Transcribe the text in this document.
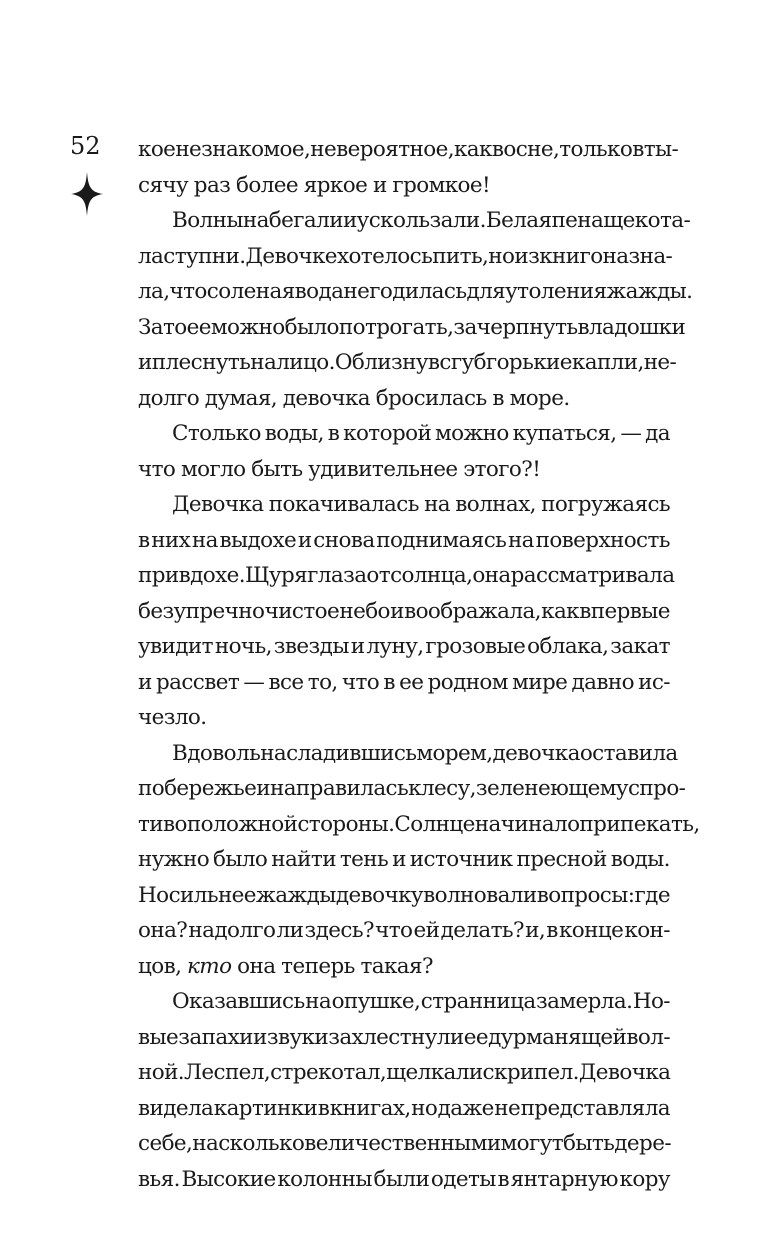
52 кое незнакомое, невероятное, как во сне, только в ты-
сячу раз более яркое и громкое!
Волны набегали и ускользали. Белая пена щекота-
ла ступни. Девочке хотелось пить, но из книг она зна-
ла, что соленая вода не годилась для утоления жажды.
Зато ее можно было потрогать, зачерпнуть в ладошки
и плеснуть на лицо. Облизнув с губ горькие капли, не-
долго думая, девочка бросилась в море.
Столько воды, в которой можно купаться, — да
что могло быть удивительнее этого?!
Девочка покачивалась на волнах, погружаясь
в них на выдохе и снова поднимаясь на поверхность
при вдохе. Щуря глаза от солнца, она рассматривала
безупречно чистое небо и воображала, как впервые
увидит ночь, звезды и луну, грозовые облака, закат
и рассвет — все то, что в ее родном мире давно ис-
чезло.
Вдоволь насладившись морем, девочка оставила
побережье и направилась к лесу, зеленеющему с про-
тивоположной стороны. Солнце начинало припекать,
нужно было найти тень и источник пресной воды.
Но сильнее жажды девочку волновали вопросы: где
она? надолго ли здесь? что ей делать? и, в конце кон-
цов, кто она теперь такая?
Оказавшись на опушке, странница замерла. Но-
вые запахи и звуки захлестнули ее дурманящей вол-
ной. Лес пел, стрекотал, щелкал и скрипел. Девочка
видела картинки в книгах, но даже не представляла
себе, насколько величественными могут быть дере-
вья. Высокие колонны были одеты в янтарную кору
